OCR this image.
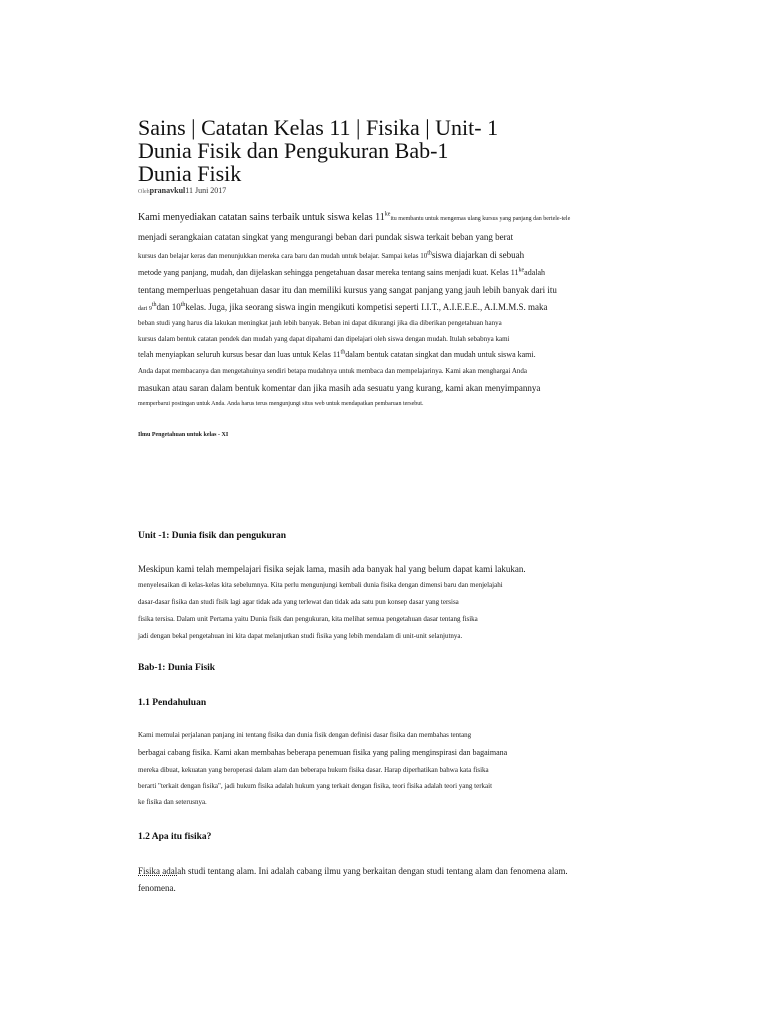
Sains | Catatan Kelas 11 | Fisika | Unit- 1
Dunia Fisik dan Pengukuran Bab-1
Dunia Fisik
Olehpranavkul11 Juni 2017
Kami menyediakan catatan sains terbaik untuk siswa kelas $11^{ke}itu$ membantu untuk mengemas ulang kursus yang panjang dan bertele-tele
menjadi serangkaian catatan singkat yang mengurangi beban dari pundak siswa terkait beban yang berat
kursus dan belajar keras dan menunjukkan mereka cara baru dan mudah untuk belajar. Sampai kelas 10thsiswa diajarkan di sebuah
metode yang panjang, mudah, dan dijelaskan sehingga pengetahuan dasar mereka tentang sains menjadi kuat. Kelas $11^{ke}adalah$
tentang memperluas pengetahuan dasar itu dan memiliki kursus yang sangat panjang yang jauh lebih banyak dari itu
dari 9thdan 10thkelas. Juga, jika seorang siswa ingin mengikuti kompetisi seperti I.I.T., A.I.E.E.E., A.I.M.M.S. maka
beban studi yang harus dia lakukan meningkat jauh lebih banyak. Beban ini dapat dikurangi jika dia diberikan pengetahuan hanya
kursus dalam bentuk catatan pendek dan mudah yang dapat dipahami dan dipelajari oleh siswa dengan mudah. Itulah sebabnya kami
telah menyiapkan seluruh kursus besar dan luas untuk Kelas 11thdalam bentuk catatan singkat dan mudah untuk siswa kami.
Anda dapat membacanya dan mengetahuinya sendiri betapa mudahnya untuk membaca dan mempelajarinya. Kami akan menghargai Anda
masukan atau saran dalam bentuk komentar dan jika masih ada sesuatu yang kurang, kami akan menyimpannya
memperbarui postingan untuk Anda. Anda harus terus mengunjungi situs web untuk mendapatkan pembaruan tersebut.
Ilmu Pengetahuan untuk kelas - XI
Unit -1: Dunia fisik dan pengukuran
Meskipun kami telah mempelajari fisika sejak lama, masih ada banyak hal yang belum dapat kami lakukan.
menyelesaikan di kelas-kelas kita sebelumnya. Kita perlu mengunjungi kembali dunia fisika dengan dimensi baru dan menjelajahi
dasar-dasar fisika dan studi fisik lagi agar tidak ada yang terlewat dan tidak ada satu pun konsep dasar yang tersisa
fisika tersisa. Dalam unit Pertama yaitu Dunia fisik dan pengukuran, kita melihat semua pengetahuan dasar tentang fisika
jadi dengan bekal pengetahuan ini kita dapat melanjutkan studi fisika yang lebih mendalam di unit-unit selanjutnya.
Bab-1: Dunia Fisik
1.1 Pendahuluan
Kami memulai perjalanan panjang ini tentang fisika dan dunia fisik dengan definisi dasar fisika dan membahas tentang
berbagai cabang fisika. Kami akan membahas beberapa penemuan fisika yang paling menginspirasi dan bagaimana
mereka dibuat, kekuatan yang beroperasi dalam alam dan beberapa hukum fisika dasar. Harap diperhatikan bahwa kata fisika
berarti "terkait dengan fisika", jadi hukum fisika adalah hukum yang terkait dengan fisika, teori fisika adalah teori yang terkait
ke fisika dan seterusnya.
1.2 Apa itu fisika?
Fisika adalah studi tentang alam. Ini adalah cabang ilmu yang berkaitan dengan studi tentang alam dan fenomena alam.
fenomena.
